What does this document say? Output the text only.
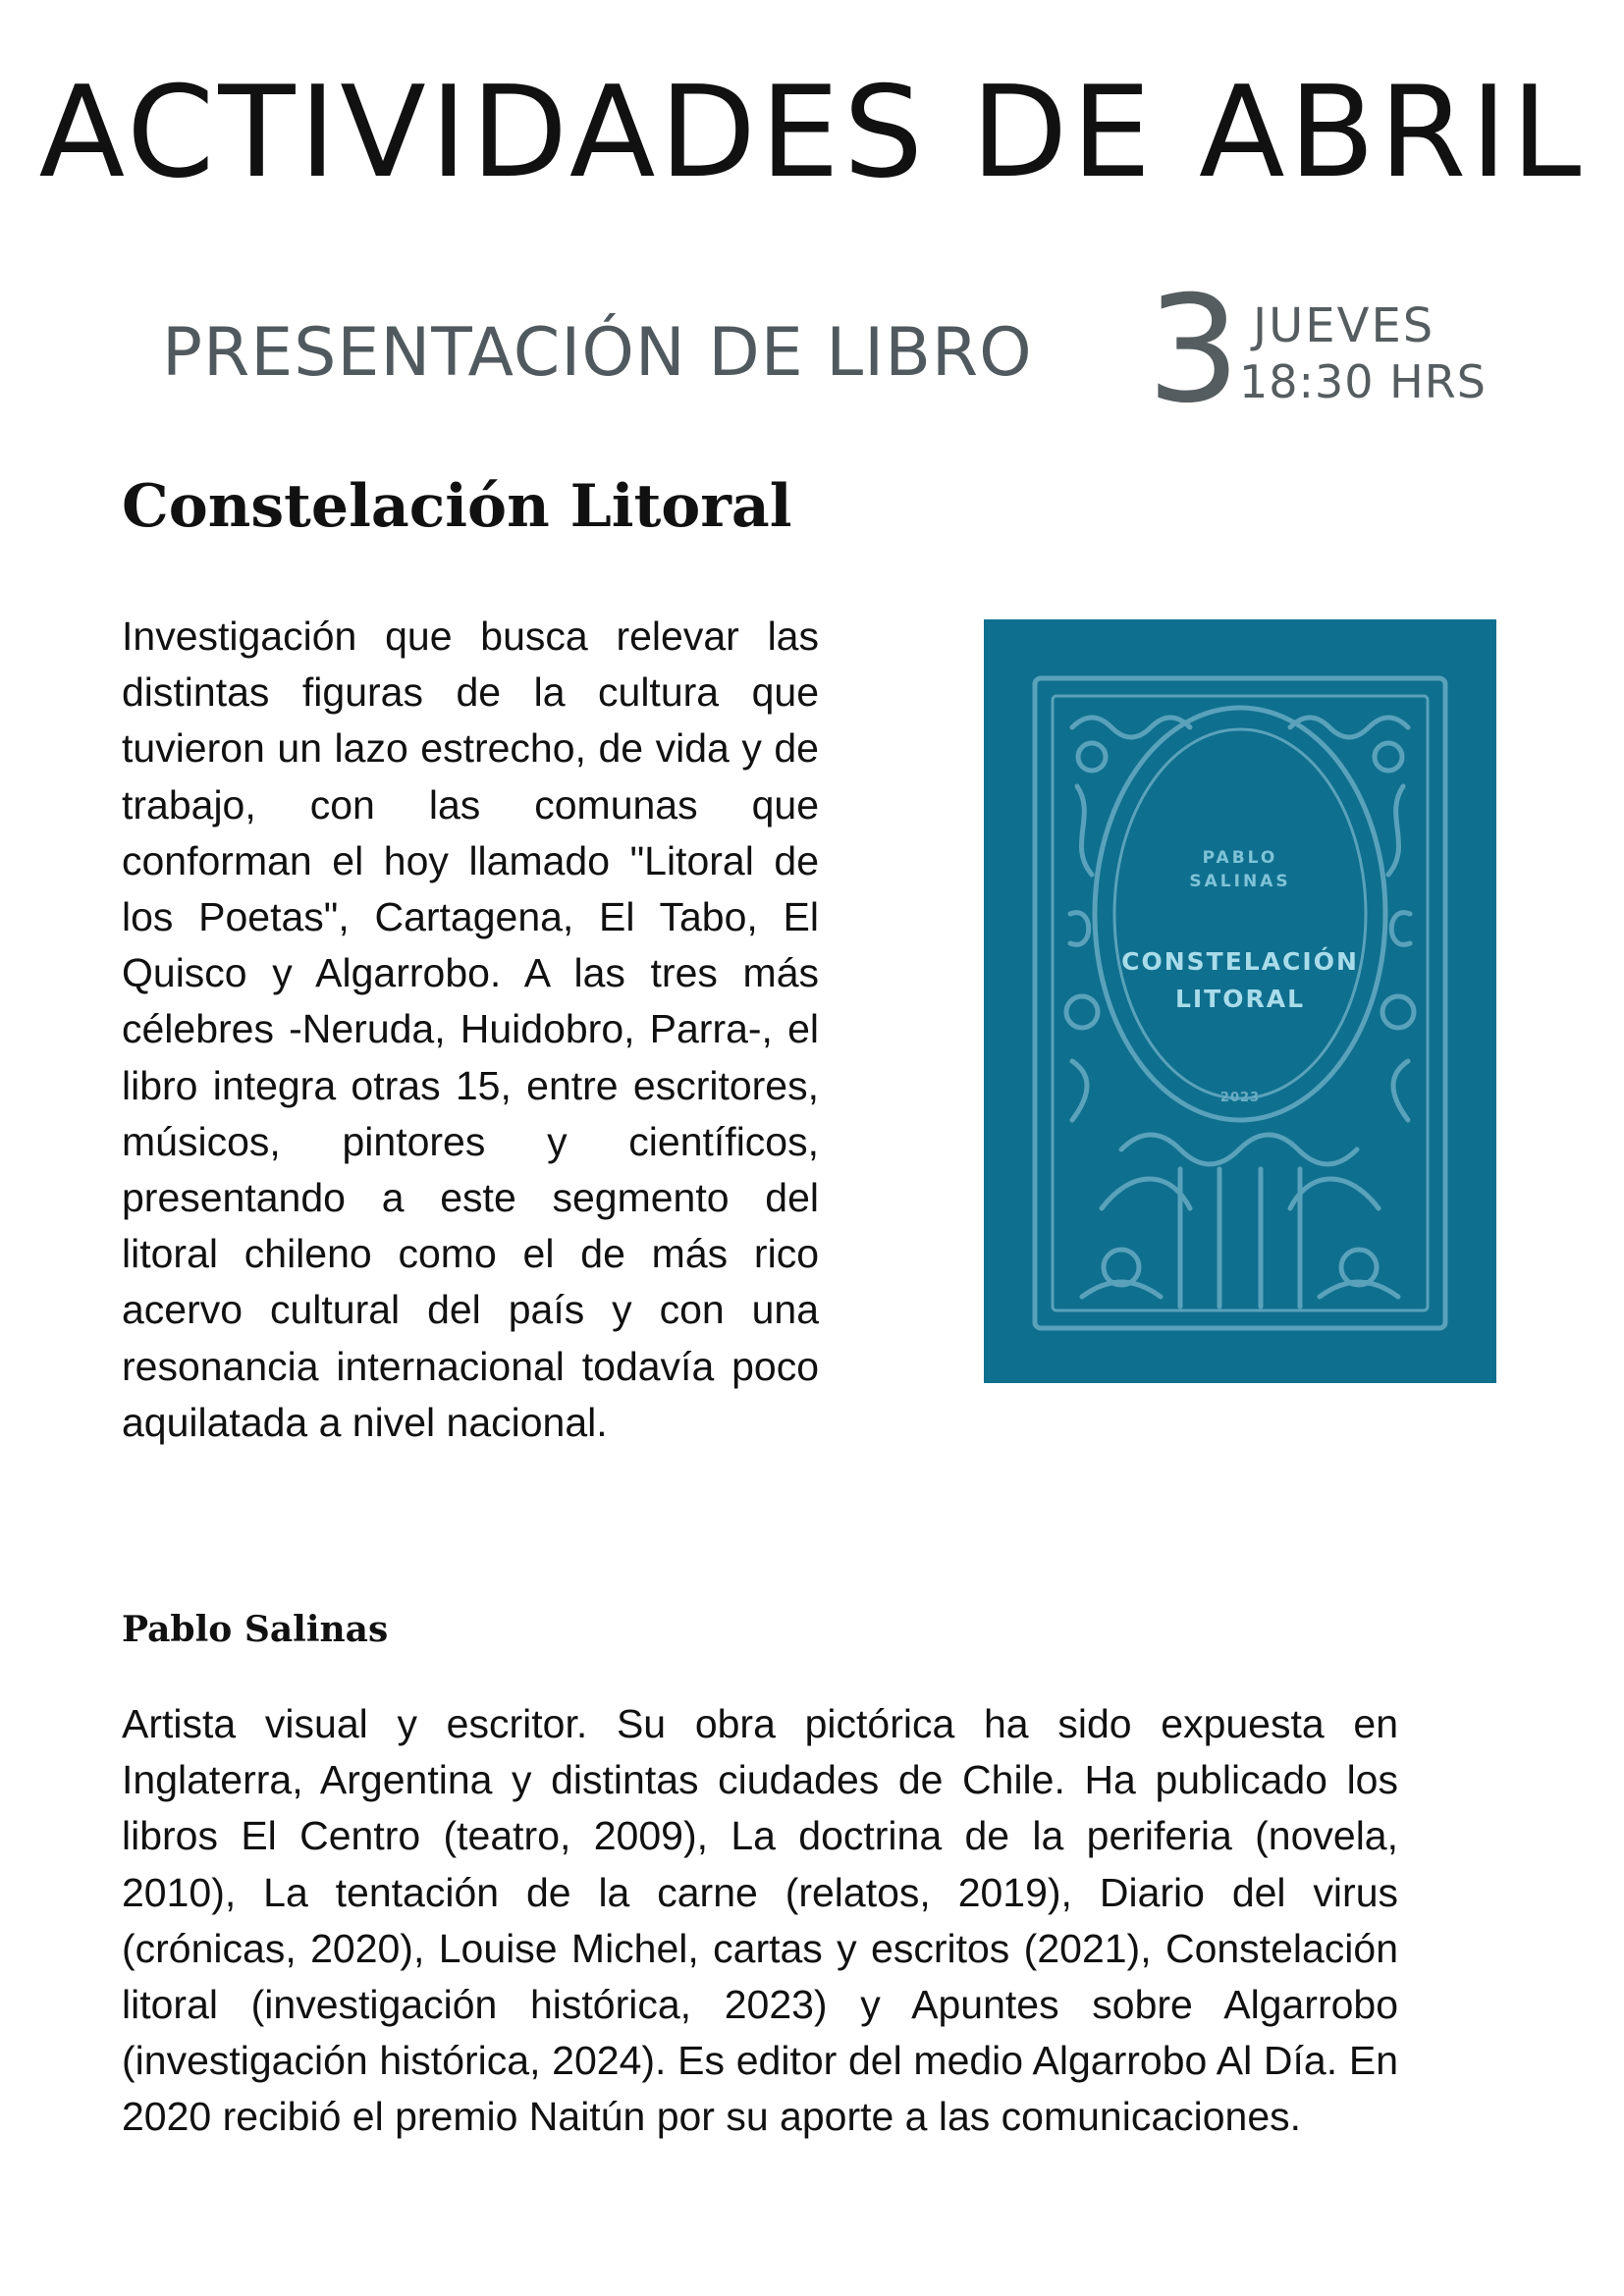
ACTIVIDADES DE ABRIL
PRESENTACIÓN DE LIBRO 3 JUEVES
18:30 HRS
Constelación Litoral

Investigación que busca relevar las distintas figuras de la cultura que tuvieron un lazo estrecho, de vida y de trabajo, con las comunas que conforman el hoy llamado "Litoral de los Poetas", Cartagena, El Tabo, El Quisco y Algarrobo. A las tres más célebres -Neruda, Huidobro, Parra-, el libro integra otras 15, entre escritores, músicos, pintores y científicos, presentando a este segmento del litoral chileno como el de más rico acervo cultural del país y con una resonancia internacional todavía poco aquilatada a nivel nacional.

PABLO
SALINAS
CONSTELACIÓN
LITORAL
2023
Pablo Salinas

Artista visual y escritor. Su obra pictórica ha sido expuesta en Inglaterra, Argentina y distintas ciudades de Chile. Ha publicado los libros El Centro (teatro, 2009), La doctrina de la periferia (novela, 2010), La tentación de la carne (relatos, 2019), Diario del virus (crónicas, 2020), Louise Michel, cartas y escritos (2021), Constelación litoral (investigación histórica, 2023) y Apuntes sobre Algarrobo (investigación histórica, 2024). Es editor del medio Algarrobo Al Día. En 2020 recibió el premio Naitún por su aporte a las comunicaciones.
